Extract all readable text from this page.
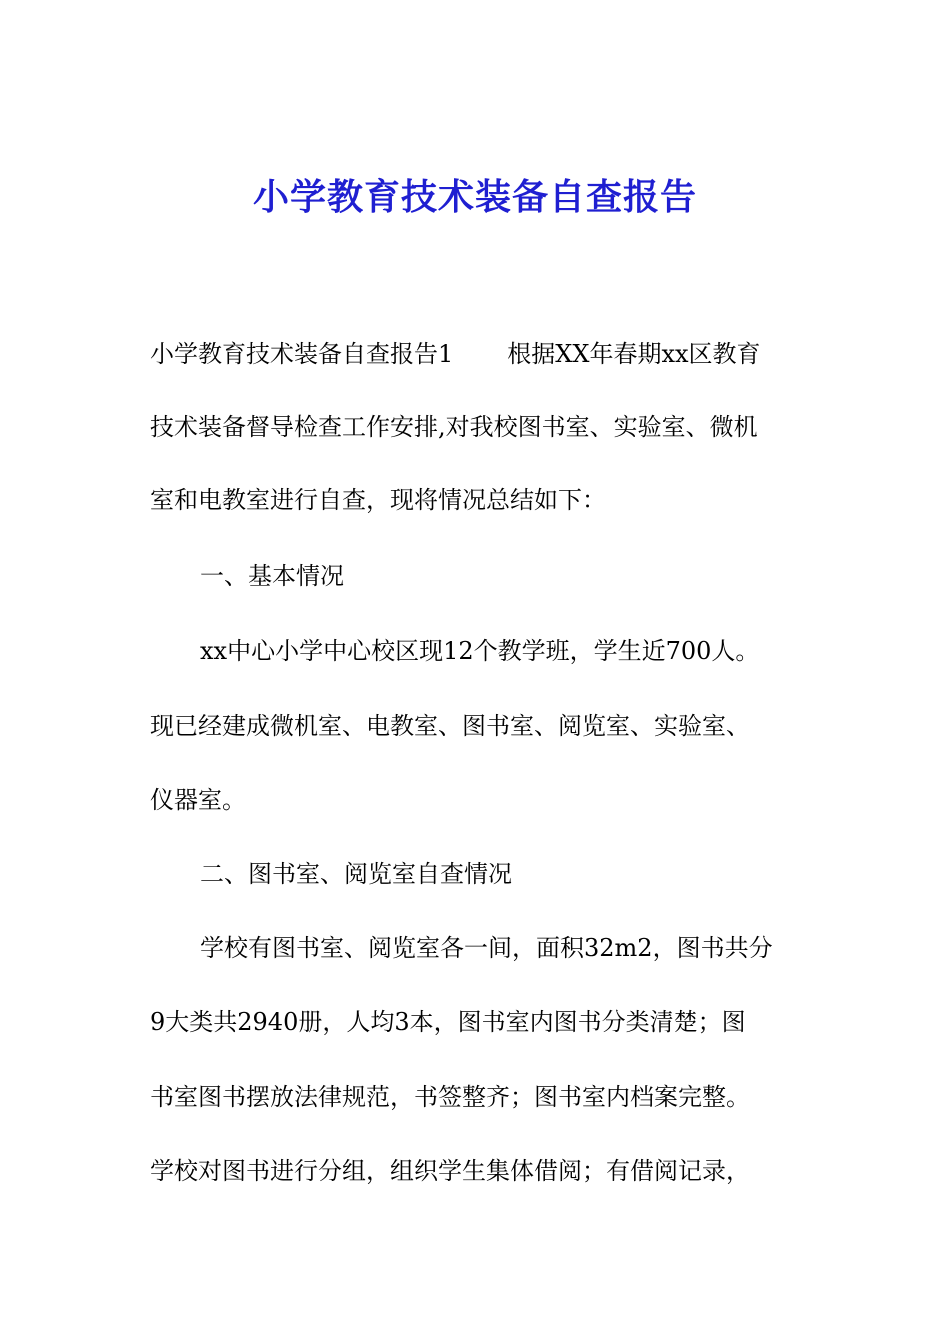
小学教育技术装备自查报告
小学教育技术装备自查报告1 根据XX年春期xx区教育
技术装备督导检查工作安排,对我校图书室、实验室、微机
室和电教室进行自查，现将情况总结如下：
一、基本情况
xx中心小学中心校区现12个教学班，学生近700人。
现已经建成微机室、电教室、图书室、阅览室、实验室、
仪器室。
二、图书室、阅览室自查情况
学校有图书室、阅览室各一间，面积32m2，图书共分
9大类共2940册，人均3本，图书室内图书分类清楚；图
书室图书摆放法律规范，书签整齐；图书室内档案完整。
学校对图书进行分组，组织学生集体借阅；有借阅记录，
